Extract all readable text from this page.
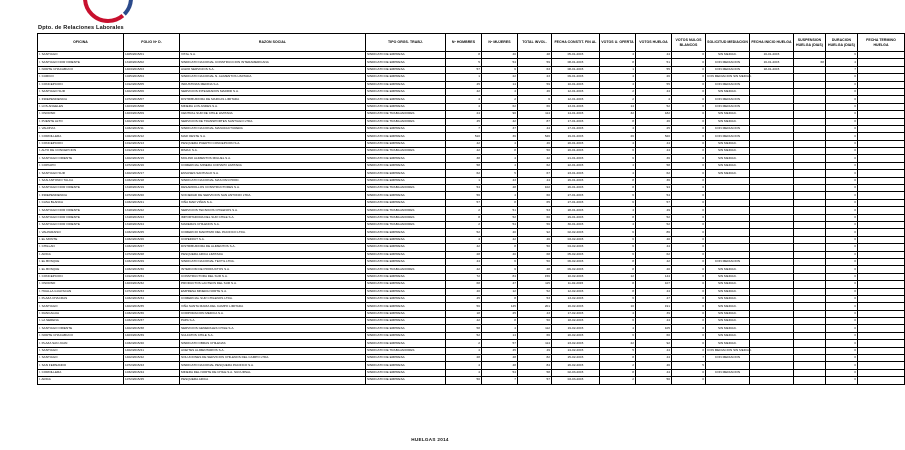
Dpto. de Relaciones Laborales
OFICINA	FOLIO Nº D.	RAZON SOCIAL	TIPO ORGS. TRABJ.	Nº HOMBRES	Nº MUJERES	TOTAL INVOL.	FECHA CONSTIT. FIN AL	VOTOS U. OFERTA	VOTOS HUELGA	VOTOS NULOS BLANCOS	SOLICITUD MEDIACION	FECHA INICIO HUELGA	SUSPENSION HUELGA (DIAS)	DURACION HUELGA (DIAS)	FECHA TERMINO HUELGA
I. SANTIAGO	1405/2015/01	VITAL S.A.	SINDICATO DE EMPRESA	8	40	48	05-01-2015	4	44	0	SIN MEDIAC.	16-01-2015		6	
I. SANTIAGO NOR ORIENTE	1318/2015/02	SINDICATO NACIONAL CONSTRUCCION INTERAMERICANA	SINDICATO DE EMPRESA	5	54	59	08-01-2015	8	51	0	CON MEDIACION	16-01-2015	68	4	
I. NORTE CHACABUCO	1403/2015/03	AGRO SERVICIOS S.A.	SINDICATO DE EMPRESA	57	6	63	08-01-2015	1	55	0	CON MEDIACION	18-01-2015		7	
I. CURICO	1025/2015/04	SINDICATO NACIONAL N. ALIMENTOS LIMITADA	SINDICATO DE EMPRESA	1	22	23	09-01-2015	4	26	0	CON MEDIACION SIN MEDIAC.			0	
I. CONCEPCION	1012/2015/05	INDUSTRIAS MEDINA S.A.	SINDICATO DE EMPRESA	45	14	59	10-01-2015	4	55	0	CON MEDIACION			0	
I. SANTIAGO SUR	1402/2015/06	SERVICIOS INTEGRADOS MADRID S.A.	SINDICATO DE EMPRESA	42	4	46	12-01-2015	2	44	0	SIN MEDIAC.			0	
I. INDEPENDENCIA	1072/2015/07	DISTRIBUIDORA DE MARCAS LIMITADA	SINDICATO DE EMPRESA	4	2	6	12-01-2015	2	4	0	CON MEDIACION			0	
I. LOS ANGELES	1403/2015/08	MINERA LOS ANDES S.A.	SINDICATO DE EMPRESA	4	62	66	13-01-2015	14	52	0	CON MEDIACION			0	
I. OSORNO	1403/2015/09	CENTRAL SUR DE CHILE LIMITADA	SINDICATO DE TRABAJADORES	24	90	114	14-01-2015	32	182	0	SIN MEDIAC.			0	
I. PUENTE ALTO	1402/2015/10	SERVICIOS DE TRANSPORTES SANTIAGO LTDA.	SINDICATO DE TRABAJADORES	45	42	87	17-01-2015	8	46	0	SIN MEDIAC.			0	
I. VALDIVIA	1032/2015/11	SINDICATO NACIONAL MANUFACTURERA	SINDICATO DE EMPRESA	7	37	44	17-01-2015	4	25	0	CON MEDIACION			0	
I. CORDILLERA	1022/2015/12	MAR OESTE S.A.	SINDICATO DE EMPRESA	510	36	546	19-01-2015	26	520	0	CON MEDIACION			0	
I. CONCEPCION	1012/2015/13	PESQUERA PUERTO CONCEPCION S.A.	SINDICATO DE EMPRESA	42	4	46	20-01-2015	4	44	0	SIN MEDIAC.			0	
I. ALTO DE CONCEPCION	1012/2015/14	RIMAC S.A.	SINDICATO DE TRABAJADORES	42	8	50	20-01-2015	6	44	0	SIN MEDIAC.			0	
I. SANTIAGO ORIENTE	1402/2015/15	MOLINO ALIMENTOS MIGUEL S.A.	SINDICATO DE EMPRESA	38	4	42	21-01-2015	6	36	0	SIN MEDIAC.			0	
I. COPIAPO	1072/2015/16	COMERCIAL MINERA COPIAPO LIMITADA	SINDICATO DE EMPRESA	58	4	62	22-01-2015	4	58	0	SIN MEDIAC.			0	
I. SANTIAGO SUR	1402/2015/17	ENVASES SANTIAGO S.A.	SINDICATO DE EMPRESA	62	5	67	23-01-2015	4	62	0	SIN MEDIAC.			0	
I. SAN ANTONIO TALCA	1032/2015/18	SINDICATO NACIONAL MAS PAN PROD.	SINDICATO DE EMPRESA	1	43	44	26-01-2015	8	36	0				0	
I. SANTIAGO NOR ORIENTE	1318/2015/19	DESARROLLOS CONSTRUCTORES S.A.	SINDICATO DE TRABAJADORES	54	48	102	26-01-2015	8	94	0				0	
I. INDEPENDENCIA	1072/2015/20	SOCIEDAD DE SERVICIOS SAN ANTONIO LTDA.	SINDICATO DE EMPRESA	56	4	60	27-01-2015	6	54	0				0	
I. CASA BLANCA	1032/2015/21	VIÑA MAR VIÑAS S.A.	SINDICATO DE EMPRESA	57	8	65	27-01-2015	6	57	0				0	
I. SANTIAGO NOR ORIENTE	1318/2015/22	SERVICIOS TECNICOS CHILENOS S.A.	SINDICATO DE TRABAJADORES	2	51	53	28-01-2015	4	49	0				0	
I. SANTIAGO NOR ORIENTE	1318/2015/23	IMPORTADORA DEL SUR CHILE S.A.	SINDICATO DE TRABAJADORES	8	52	60	29-01-2015	8	52	0				0	
I. SANTIAGO NOR ORIENTE	1318/2015/24	MADERAS CHILENOS S.A.	SINDICATO DE TRABAJADORES	2	54	56	30-01-2015	4	52	0				0	
I. VALPARAISO	1032/2015/25	COMERCIO MARITIMO DEL PACIFICO LTDA.	SINDICATO DE EMPRESA	52	40	92	02-02-2015	6	86	0				0	
I. EL MONTE	1032/2015/26	COPEFRUT S.A.	SINDICATO DE EMPRESA	4	42	46	03-02-2015	6	40	0				0	
I. CHILLAN	1032/2015/27	DISTRIBUIDORA DE ALIMENTOS S.A.	SINDICATO DE EMPRESA	42	8	50	04-02-2015	6	44	0				0	
I. ARICA	1072/2015/28	PESQUERA ARICA LIMITADA	SINDICATO DE EMPRESA	28	40	68	05-02-2015	6	62	0				0	
I. EL BOSQUE	1032/2015/29	SINDICATO NACIONAL TEXTIL LTDA.	SINDICATO DE EMPRESA	44	6	50	06-02-2015	8	42	0	CON MEDIACION			0	
I. EL BOSQUE	1032/2015/30	INTERCOM DE PRODUCTOS S.A.	SINDICATO DE TRABAJADORES	42	6	48	09-02-2015	8	40	0	SIN MEDIAC.			0	
I. CONCEPCION	1012/2015/31	CONSTRUCTORA DEL SUR S.A.	SINDICATO DE EMPRESA	72	84	156	10-02-2015	12	144	0	SIN MEDIAC.			0	
I. OSORNO	1403/2015/32	PRODUCTOS LACTEOS DEL SUR S.A.	SINDICATO DE EMPRESA	68	47	115	11-02-2015	8	107	0	SIN MEDIAC.			0	
I. HUALLA GUAYACAN	1072/2015/33	EMPRESA MINERA NORTE S.A.	SINDICATO DE EMPRESA	40	12	52	12-02-2015	8	44	0	SIN MEDIAC.			0	
I. PLAZA CHACRAS	1032/2015/34	COMERCIAL SUR CHILENOS LTDA.	SINDICATO DE EMPRESA	45	8	53	13-02-2015	6	47	0	SIN MEDIAC.			0	
I. SANTIAGO	1402/2015/35	VIÑA SANTA MARIA DEL CAMPO LIMITADA	SINDICATO DE EMPRESA	56	145	201	16-02-2015	10	191	0	SIN MEDIAC.			0	
I. RANCAGUA	1032/2015/36	CORPORACION MEDICA S.A.	SINDICATO DE EMPRESA	18	25	43	17-02-2015	4	39	0	SIN MEDIAC.			0	
I. LA SERENA	1032/2015/37	PAPA S.A.	SINDICATO DE EMPRESA	42	8	50	18-02-2015	6	44	0	SIN MEDIAC.			0	
I. SANTIAGO ORIENTE	1402/2015/38	SERVICIOS GENERALES CHILE S.A.	SINDICATO DE EMPRESA	58	4	112	19-02-2015	4	105	0	SIN MEDIAC.			0	
I. NORTE CHACABUCO	1403/2015/39	SULFATOS CHILE S.A.	SINDICATO DE EMPRESA	52	14	66	20-02-2015	6	60	0	SIN MEDIAC.			0	
I. PLAZA SAN JUAN	1032/2015/40	SINDICATO OBRAS CHILENAS	SINDICATO DE EMPRESA	2	57	114	23-02-2015	22	92	0	SIN MEDIAC.			0	
I. SANTIAGO	1402/2015/41	ACEITES ALIMENTARIOS S.A.	SINDICATO DE TRABAJADORES	4	45	49	24-02-2015	5	44	0	CON MEDIACION SIN MEDIAC.			0	
I. SANTIAGO	1402/2015/42	SOLUCIONES DE SERVICIOS CHILENOS DEL CAMPO LTDA.	SINDICATO DE EMPRESA	28	48	82	25-02-2015	8	44	7	CON MEDIACION			0	
I. SAN FERNANDO	1072/2015/43	SINDICATO NACIONAL PESQUERA PACIFICO S.A.	SINDICATO DE EMPRESA	4	48	84	26-02-2015	2	46	5				0	
I. CORDILLERA	1032/2015/44	MINERA DEL NORTE DE CHILE S.A. SUCURSAL	SINDICATO DE EMPRESA	4	54	58	02-03-2015	8	44	0	CON MEDIACION			0	
I. ARICA	1072/2015/45	PESQUERA ARICA	SINDICATO DE EMPRESA	50	7	57	03-03-2015	2	50	0				0	
HUELGAS 2014
